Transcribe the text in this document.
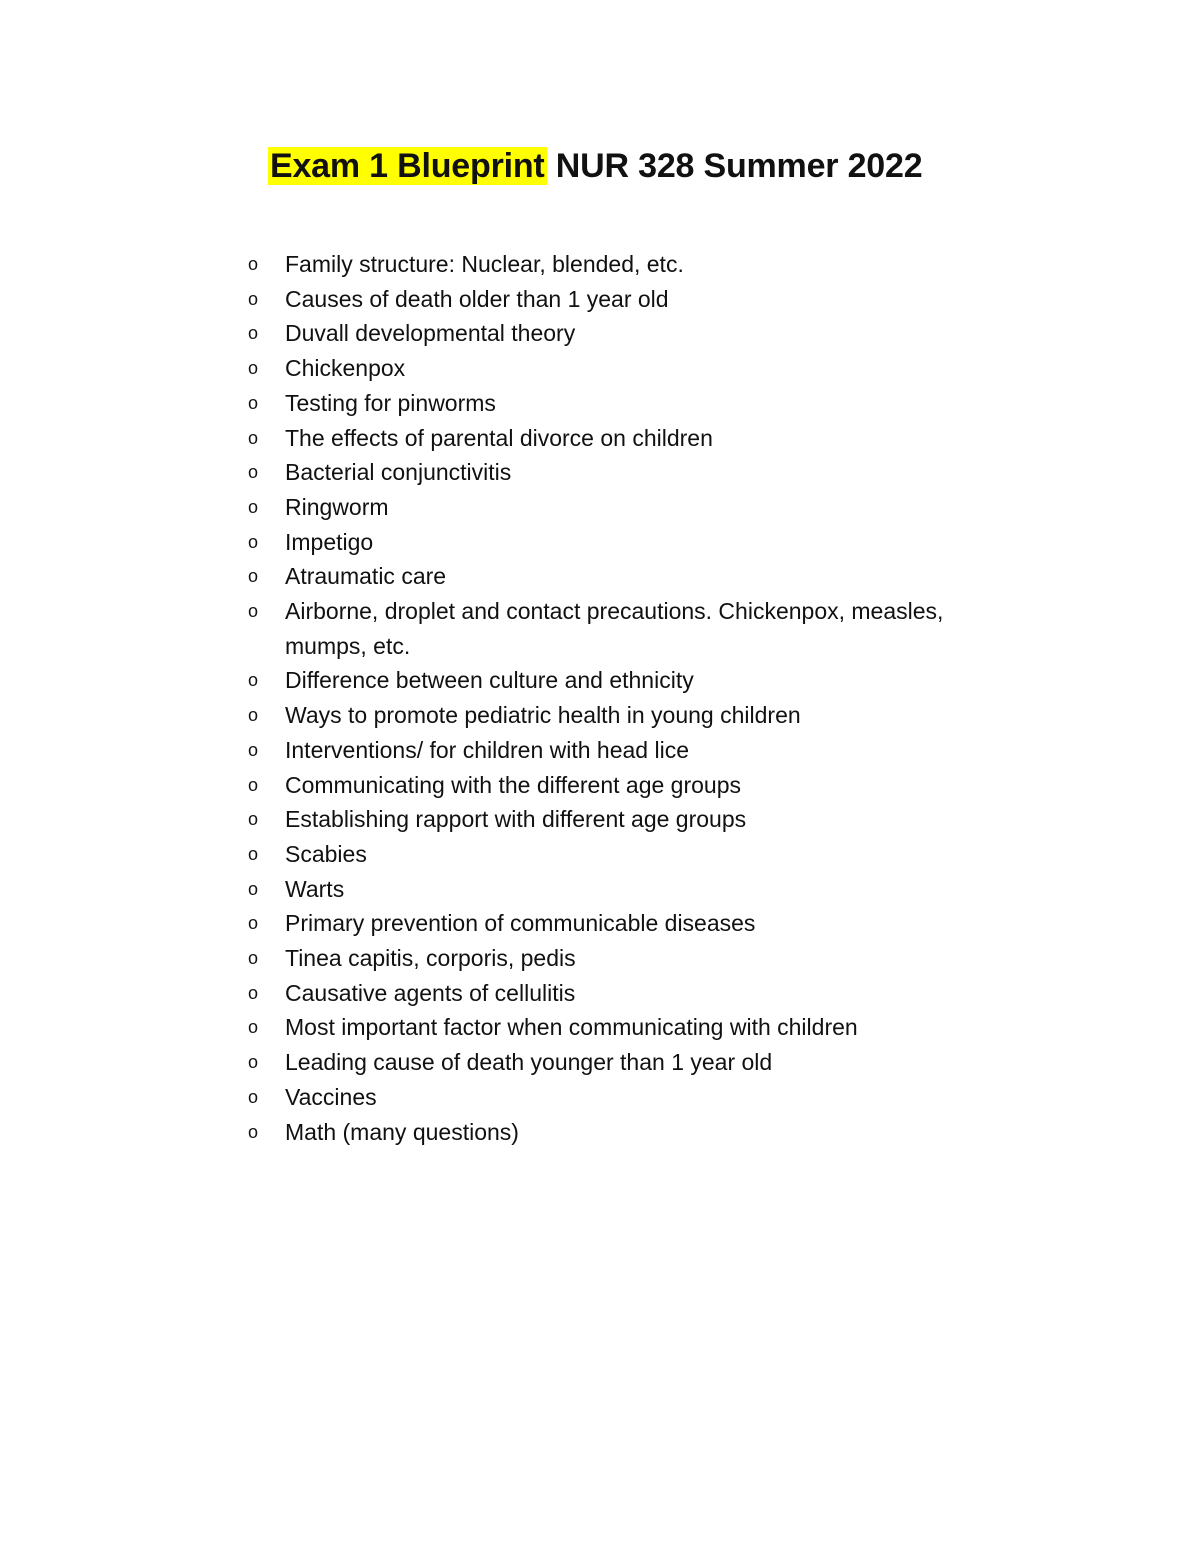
Exam 1 Blueprint NUR 328 Summer 2022
o	Family structure: Nuclear, blended, etc.
o	Causes of death older than 1 year old
o	Duvall developmental theory
o	Chickenpox
o	Testing for pinworms
o	The effects of parental divorce on children
o	Bacterial conjunctivitis
o	Ringworm
o	Impetigo
o	Atraumatic care
o	Airborne, droplet and contact precautions. Chickenpox, measles, mumps, etc.
o	Difference between culture and ethnicity
o	Ways to promote pediatric health in young children
o	Interventions/ for children with head lice
o	Communicating with the different age groups
o	Establishing rapport with different age groups
o	Scabies
o	Warts
o	Primary prevention of communicable diseases
o	Tinea capitis, corporis, pedis
o	Causative agents of cellulitis
o	Most important factor when communicating with children
o	Leading cause of death younger than 1 year old
o	Vaccines
o	Math (many questions)
